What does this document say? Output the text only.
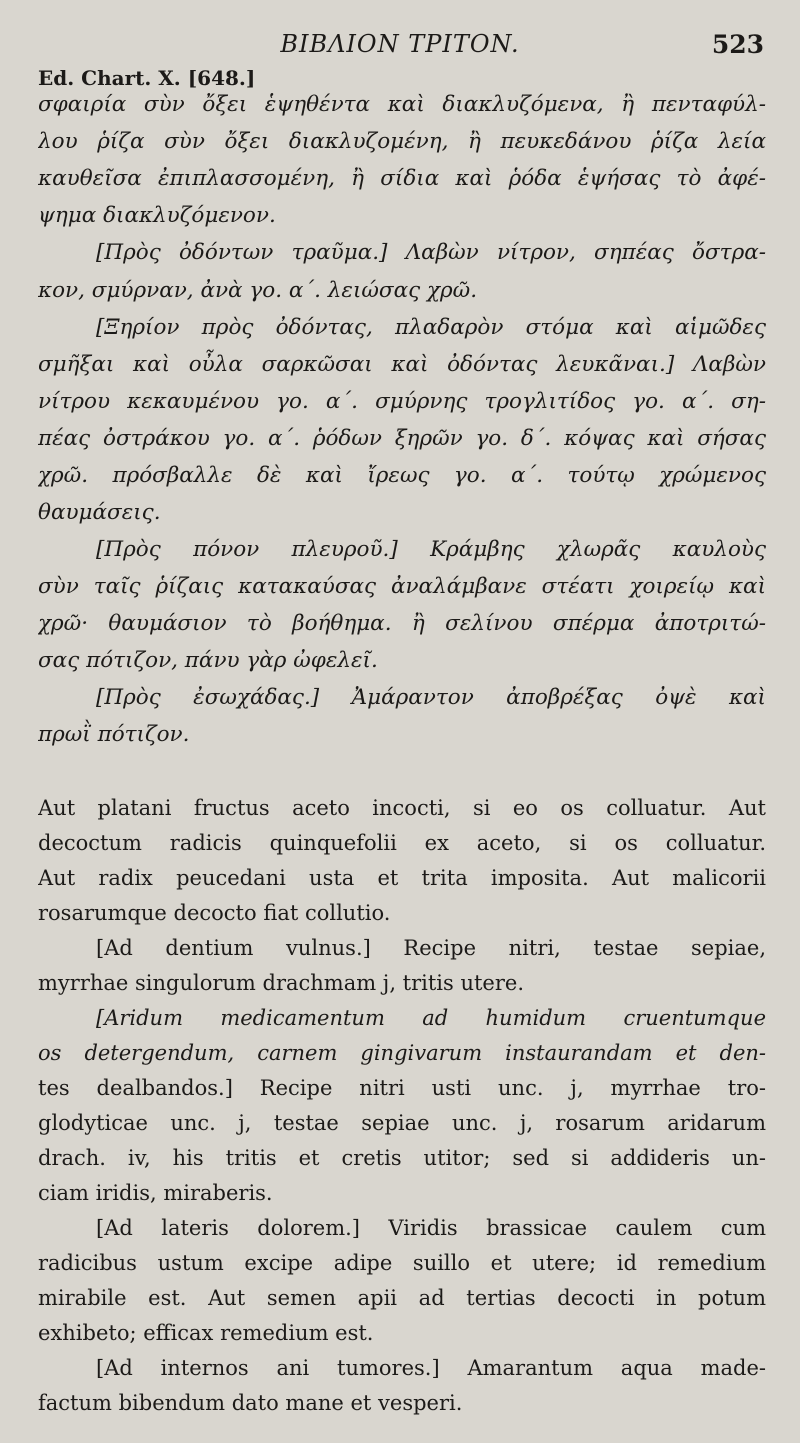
BIBΛION TPITON.	523
Ed. Chart. X. [648.]
σφαιρία σὺν ὄξει ἑψηθέντα καὶ διακλυζόμενα, ἢ πενταφύλ-
λου ῥίζα σὺν ὄξει διακλυζομένη, ἢ πευκεδάνου ῥίζα λεία
καυθεῖσα ἐπιπλασσομένη, ἢ σίδια καὶ ῥόδα ἑψήσας τὸ ἀφέ-
ψημα διακλυζόμενον.
[Πρὸς ὀδόντων τραῦμα.] Λαβὼν νίτρον, σηπέας ὄστρα-
κον, σμύρναν, ἀνὰ γο. α΄. λειώσας χρῶ.
[Ξηρίον πρὸς ὀδόντας, πλαδαρὸν στόμα καὶ αἱμῶδες
σμῆξαι καὶ οὖλα σαρκῶσαι καὶ ὀδόντας λευκᾶναι.] Λαβὼν
νίτρου κεκαυμένου γο. α΄. σμύρνης τρογλιτίδος γο. α΄. ση-
πέας ὀστράκου γο. α΄. ῥόδων ξηρῶν γο. δ΄. κόψας καὶ σήσας
χρῶ. πρόσβαλλε δὲ καὶ ἴρεως γο. α΄. τούτῳ χρώμενος
θαυμάσεις.
[Πρὸς πόνον πλευροῦ.] Κράμβης χλωρᾶς καυλοὺς
σὺν ταῖς ῥίζαις κατακαύσας ἀναλάμβανε στέατι χοιρείῳ καὶ
χρῶ· θαυμάσιον τὸ βοήθημα. ἢ σελίνου σπέρμα ἀποτριτώ-
σας πότιζον, πάνυ γὰρ ὠφελεῖ.
[Πρὸς ἐσωχάδας.] Ἀμάραντον ἀποβρέξας ὀψὲ καὶ
πρωῒ πότιζον.
Aut platani fructus aceto incocti, si eo os colluatur. Aut
decoctum radicis quinquefolii ex aceto, si os colluatur.
Aut radix peucedani usta et trita imposita. Aut malicorii
rosarumque decocto fiat collutio.
[Ad dentium vulnus.] Recipe nitri, testae sepiae,
myrrhae singulorum drachmam j, tritis utere.
[Aridum medicamentum ad humidum cruentumque
os detergendum, carnem gingivarum instaurandam et den-
tes dealbandos.] Recipe nitri usti unc. j, myrrhae tro-
glodyticae unc. j, testae sepiae unc. j, rosarum aridarum
drach. iv, his tritis et cretis utitor; sed si addideris un-
ciam iridis, miraberis.
[Ad lateris dolorem.] Viridis brassicae caulem cum
radicibus ustum excipe adipe suillo et utere; id remedium
mirabile est. Aut semen apii ad tertias decocti in potum
exhibeto; efficax remedium est.
[Ad internos ani tumores.] Amarantum aqua made-
factum bibendum dato mane et vesperi.
